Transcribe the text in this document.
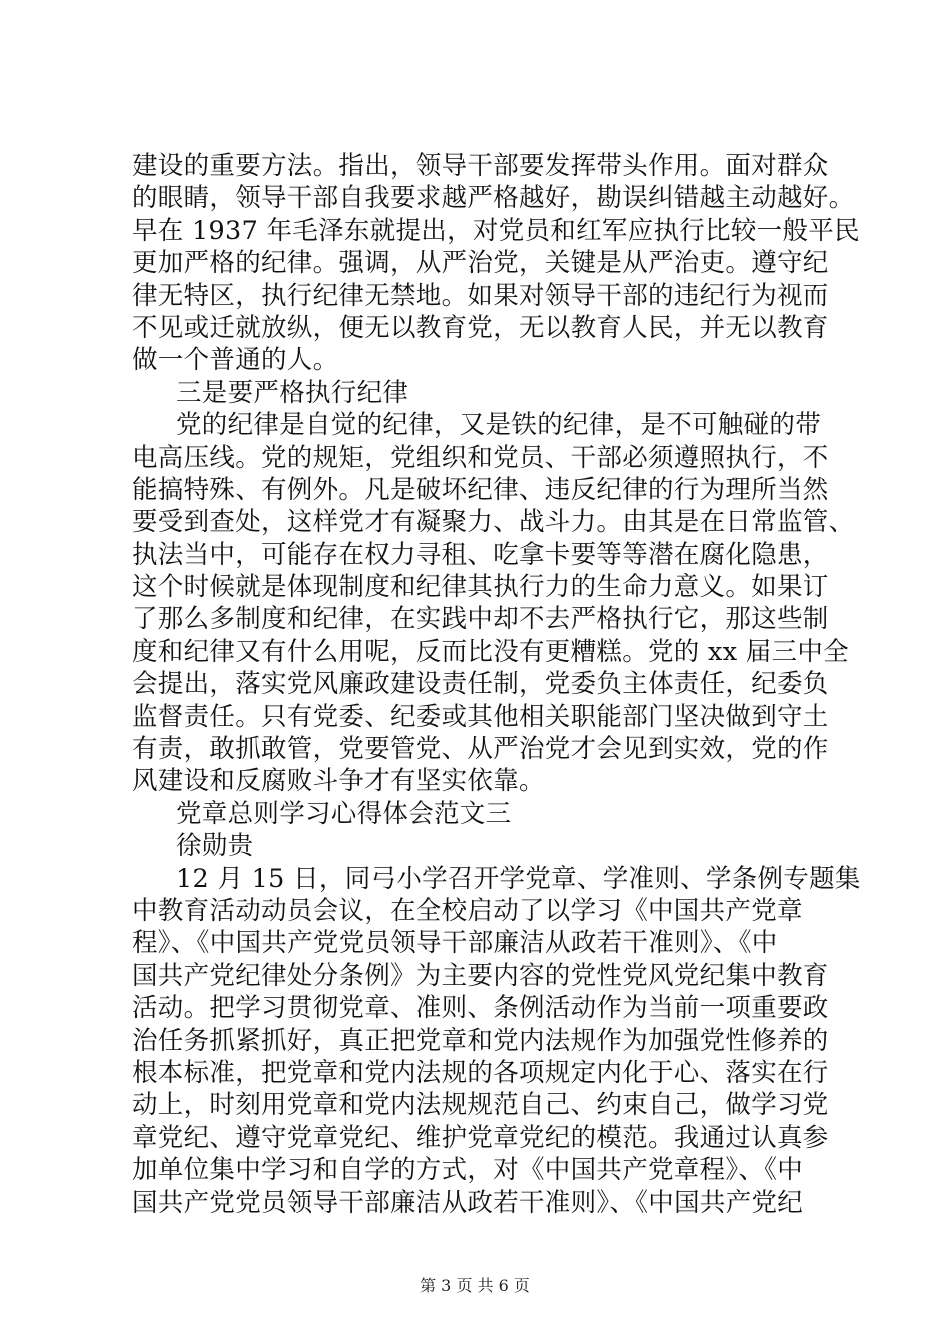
建设的重要方法。指出，领导干部要发挥带头作用。面对群众
的眼睛，领导干部自我要求越严格越好，勘误纠错越主动越好。
早在 1937 年毛泽东就提出，对党员和红军应执行比较一般平民
更加严格的纪律。强调，从严治党，关键是从严治吏。遵守纪
律无特区，执行纪律无禁地。如果对领导干部的违纪行为视而
不见或迁就放纵，便无以教育党，无以教育人民，并无以教育
做一个普通的人。
三是要严格执行纪律
党的纪律是自觉的纪律，又是铁的纪律，是不可触碰的带
电高压线。党的规矩，党组织和党员、干部必须遵照执行，不
能搞特殊、有例外。凡是破坏纪律、违反纪律的行为理所当然
要受到查处，这样党才有凝聚力、战斗力。由其是在日常监管、
执法当中，可能存在权力寻租、吃拿卡要等等潜在腐化隐患，
这个时候就是体现制度和纪律其执行力的生命力意义。如果订
了那么多制度和纪律，在实践中却不去严格执行它，那这些制
度和纪律又有什么用呢，反而比没有更糟糕。党的 xx 届三中全
会提出，落实党风廉政建设责任制，党委负主体责任，纪委负
监督责任。只有党委、纪委或其他相关职能部门坚决做到守土
有责，敢抓敢管，党要管党、从严治党才会见到实效，党的作
风建设和反腐败斗争才有坚实依靠。
党章总则学习心得体会范文三
徐勋贵
12 月 15 日，同弓小学召开学党章、学准则、学条例专题集
中教育活动动员会议，在全校启动了以学习《中国共产党章
程》、《中国共产党党员领导干部廉洁从政若干准则》、《中
国共产党纪律处分条例》为主要内容的党性党风党纪集中教育
活动。把学习贯彻党章、准则、条例活动作为当前一项重要政
治任务抓紧抓好，真正把党章和党内法规作为加强党性修养的
根本标准，把党章和党内法规的各项规定内化于心、落实在行
动上，时刻用党章和党内法规规范自己、约束自己，做学习党
章党纪、遵守党章党纪、维护党章党纪的模范。我通过认真参
加单位集中学习和自学的方式，对《中国共产党章程》、《中
国共产党党员领导干部廉洁从政若干准则》、《中国共产党纪
第 3 页 共 6 页
